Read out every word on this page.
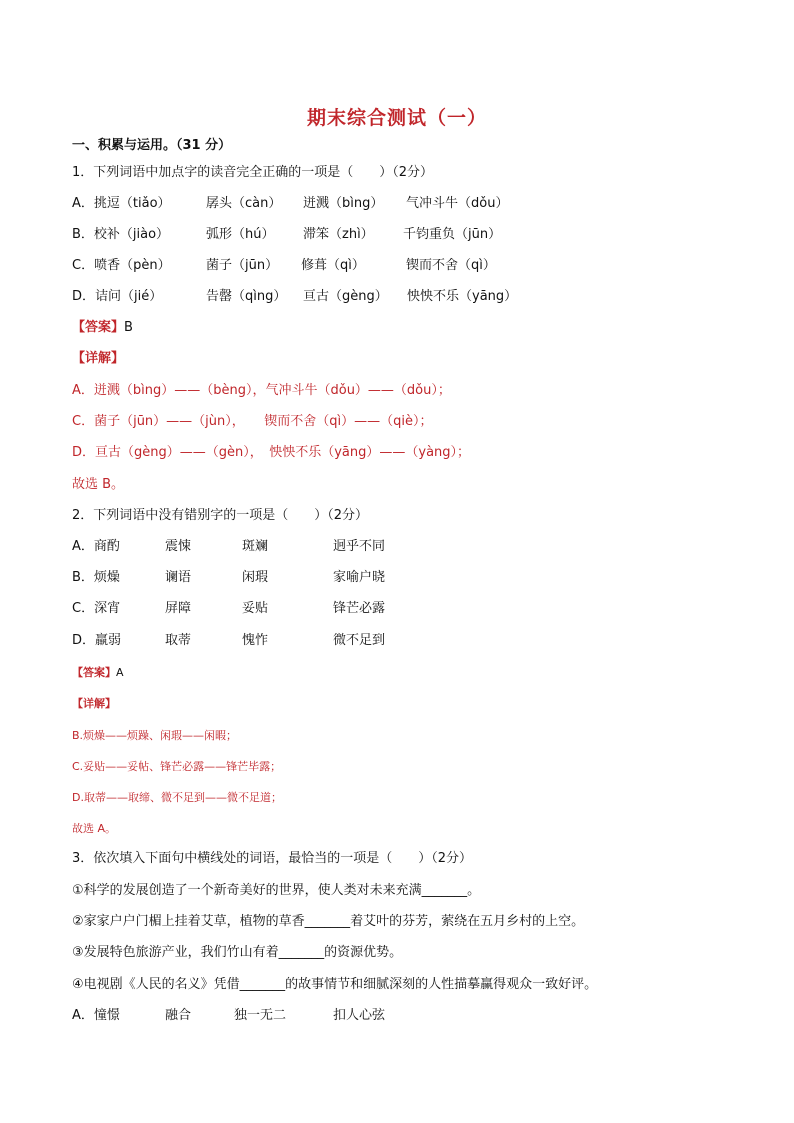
期末综合测试（一）
一、积累与运用。（31 分）
1．下列词语中加点字的读音完全正确的一项是（　　）（2分）
A．挑逗（tiǎo）	孱头（càn） 迸溅（bìng） 气冲斗牛（dǒu）
B．校补（jiào）	弧形（hú） 滞笨（zhì） 千钧重负（jūn）
C．喷香（pèn）	菌子（jūn） 修葺（qì）	锲而不舍（qì）
D．诘问（jié）	告罄（qìng） 亘古（gèng） 怏怏不乐（yāng）
【答案】B
【详解】
A．迸溅（bìng）——（bèng），气冲斗牛（dǒu）——（dǒu）；
C．菌子（jūn）——（jùn），　　锲而不舍（qì）——（qiè）；
D．亘古（gèng）——（gèn），　怏怏不乐（yāng）——（yàng）；
故选 B。
2．下列词语中没有错别字的一项是（　　）（2分）
A．商酌	震悚	斑斓	迥乎不同
B．烦燥	谰语	闲瑕	家喻户晓
C．深宵	屏障	妥贴	锋芒必露
D．羸弱	取蒂	愧怍	微不足到
【答案】A
【详解】
B.烦燥——烦躁、闲瑕——闲暇；
C.妥贴——妥帖、锋芒必露——锋芒毕露；
D.取蒂——取缔、微不足到——微不足道；
故选 A。
3．依次填入下面句中横线处的词语，最恰当的一项是（　　）（2分）
①科学的发展创造了一个新奇美好的世界，使人类对未来充满_______。
②家家户户门楣上挂着艾草，植物的草香_______着艾叶的芬芳，萦绕在五月乡村的上空。
③发展特色旅游产业，我们竹山有着_______的资源优势。
④电视剧《人民的名义》凭借_______的故事情节和细腻深刻的人性描摹赢得观众一致好评。
A．憧憬	融合	独一无二	扣人心弦
